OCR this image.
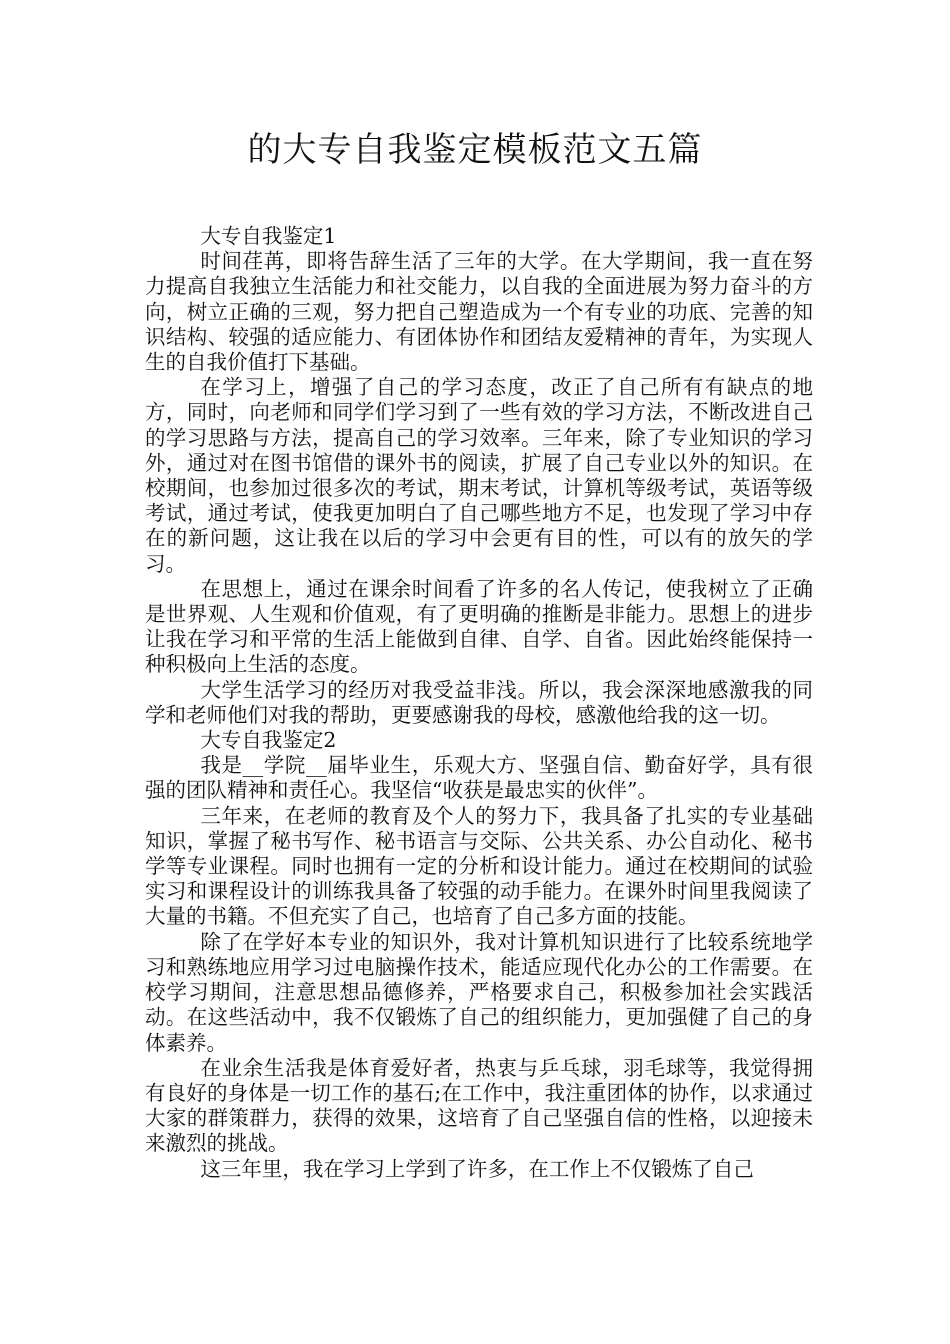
的大专自我鉴定模板范文五篇

大专自我鉴定1

时间荏苒，即将告辞生活了三年的大学。在大学期间，我一直在努力提高自我独立生活能力和社交能力，以自我的全面进展为努力奋斗的方向，树立正确的三观，努力把自己塑造成为一个有专业的功底、完善的知识结构、较强的适应能力、有团体协作和团结友爱精神的青年，为实现人生的自我价值打下基础。

在学习上，增强了自己的学习态度，改正了自己所有有缺点的地方，同时，向老师和同学们学习到了一些有效的学习方法，不断改进自己的学习思路与方法，提高自己的学习效率。三年来，除了专业知识的学习外，通过对在图书馆借的课外书的阅读，扩展了自己专业以外的知识。在校期间，也参加过很多次的考试，期末考试，计算机等级考试，英语等级考试，通过考试，使我更加明白了自己哪些地方不足，也发现了学习中存在的新问题，这让我在以后的学习中会更有目的性，可以有的放矢的学习。

在思想上，通过在课余时间看了许多的名人传记，使我树立了正确是世界观、人生观和价值观，有了更明确的推断是非能力。思想上的进步让我在学习和平常的生活上能做到自律、自学、自省。因此始终能保持一种积极向上生活的态度。

大学生活学习的经历对我受益非浅。所以，我会深深地感激我的同学和老师他们对我的帮助，更要感谢我的母校，感激他给我的这一切。

大专自我鉴定2

我是__学院__届毕业生，乐观大方、坚强自信、勤奋好学，具有很强的团队精神和责任心。我坚信“收获是最忠实的伙伴”。

三年来，在老师的教育及个人的努力下，我具备了扎实的专业基础知识，掌握了秘书写作、秘书语言与交际、公共关系、办公自动化、秘书学等专业课程。同时也拥有一定的分析和设计能力。通过在校期间的试验实习和课程设计的训练我具备了较强的动手能力。在课外时间里我阅读了大量的书籍。不但充实了自己，也培育了自己多方面的技能。

除了在学好本专业的知识外，我对计算机知识进行了比较系统地学习和熟练地应用学习过电脑操作技术，能适应现代化办公的工作需要。在校学习期间，注意思想品德修养，严格要求自己，积极参加社会实践活动。在这些活动中，我不仅锻炼了自己的组织能力，更加强健了自己的身体素养。

在业余生活我是体育爱好者，热衷与乒乓球，羽毛球等，我觉得拥有良好的身体是一切工作的基石;在工作中，我注重团体的协作，以求通过大家的群策群力，获得的效果，这培育了自己坚强自信的性格，以迎接未来激烈的挑战。

这三年里，我在学习上学到了许多，在工作上不仅锻炼了自己
